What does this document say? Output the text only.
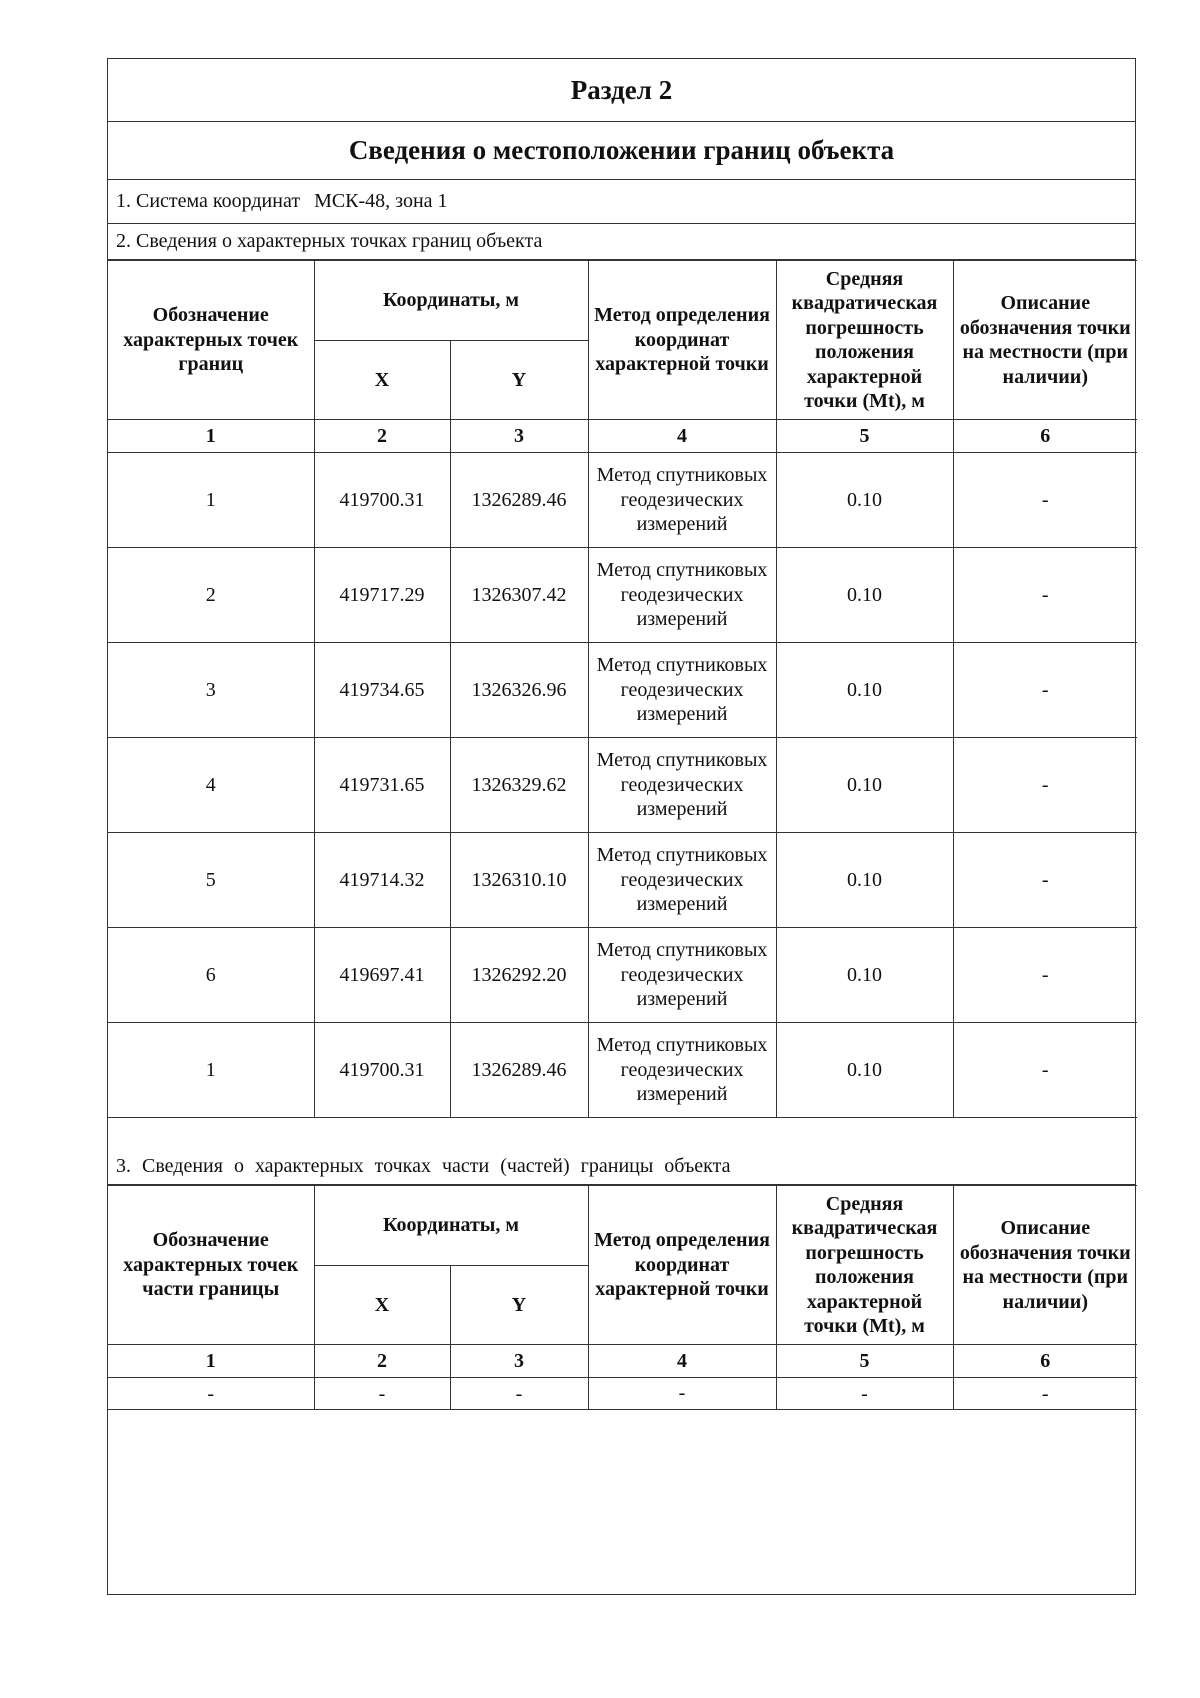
Раздел 2
Сведения о местоположении границ объекта
1. Система координат МСК-48, зона 1
2. Сведения о характерных точках границ объекта
Обозначение характерных точек границ	Координаты, м		Метод определения координат характерной точки	Средняя квадратическая погрешность положения характерной точки (Mt), м	Описание обозначения точки на местности (при наличии)
	X	Y			
1	2	3	4	5	6
1	419700.31	1326289.46	Метод спутниковых геодезических измерений	0.10	-
2	419717.29	1326307.42	Метод спутниковых геодезических измерений	0.10	-
3	419734.65	1326326.96	Метод спутниковых геодезических измерений	0.10	-
4	419731.65	1326329.62	Метод спутниковых геодезических измерений	0.10	-
5	419714.32	1326310.10	Метод спутниковых геодезических измерений	0.10	-
6	419697.41	1326292.20	Метод спутниковых геодезических измерений	0.10	-
1	419700.31	1326289.46	Метод спутниковых геодезических измерений	0.10	-
3. Сведения о характерных точках части (частей) границы объекта
Обозначение характерных точек части границы	Координаты, м		Метод определения координат характерной точки	Средняя квадратическая погрешность положения характерной точки (Mt), м	Описание обозначения точки на местности (при наличии)
	X	Y			
1	2	3	4	5	6
-	-	-	-	-	-
